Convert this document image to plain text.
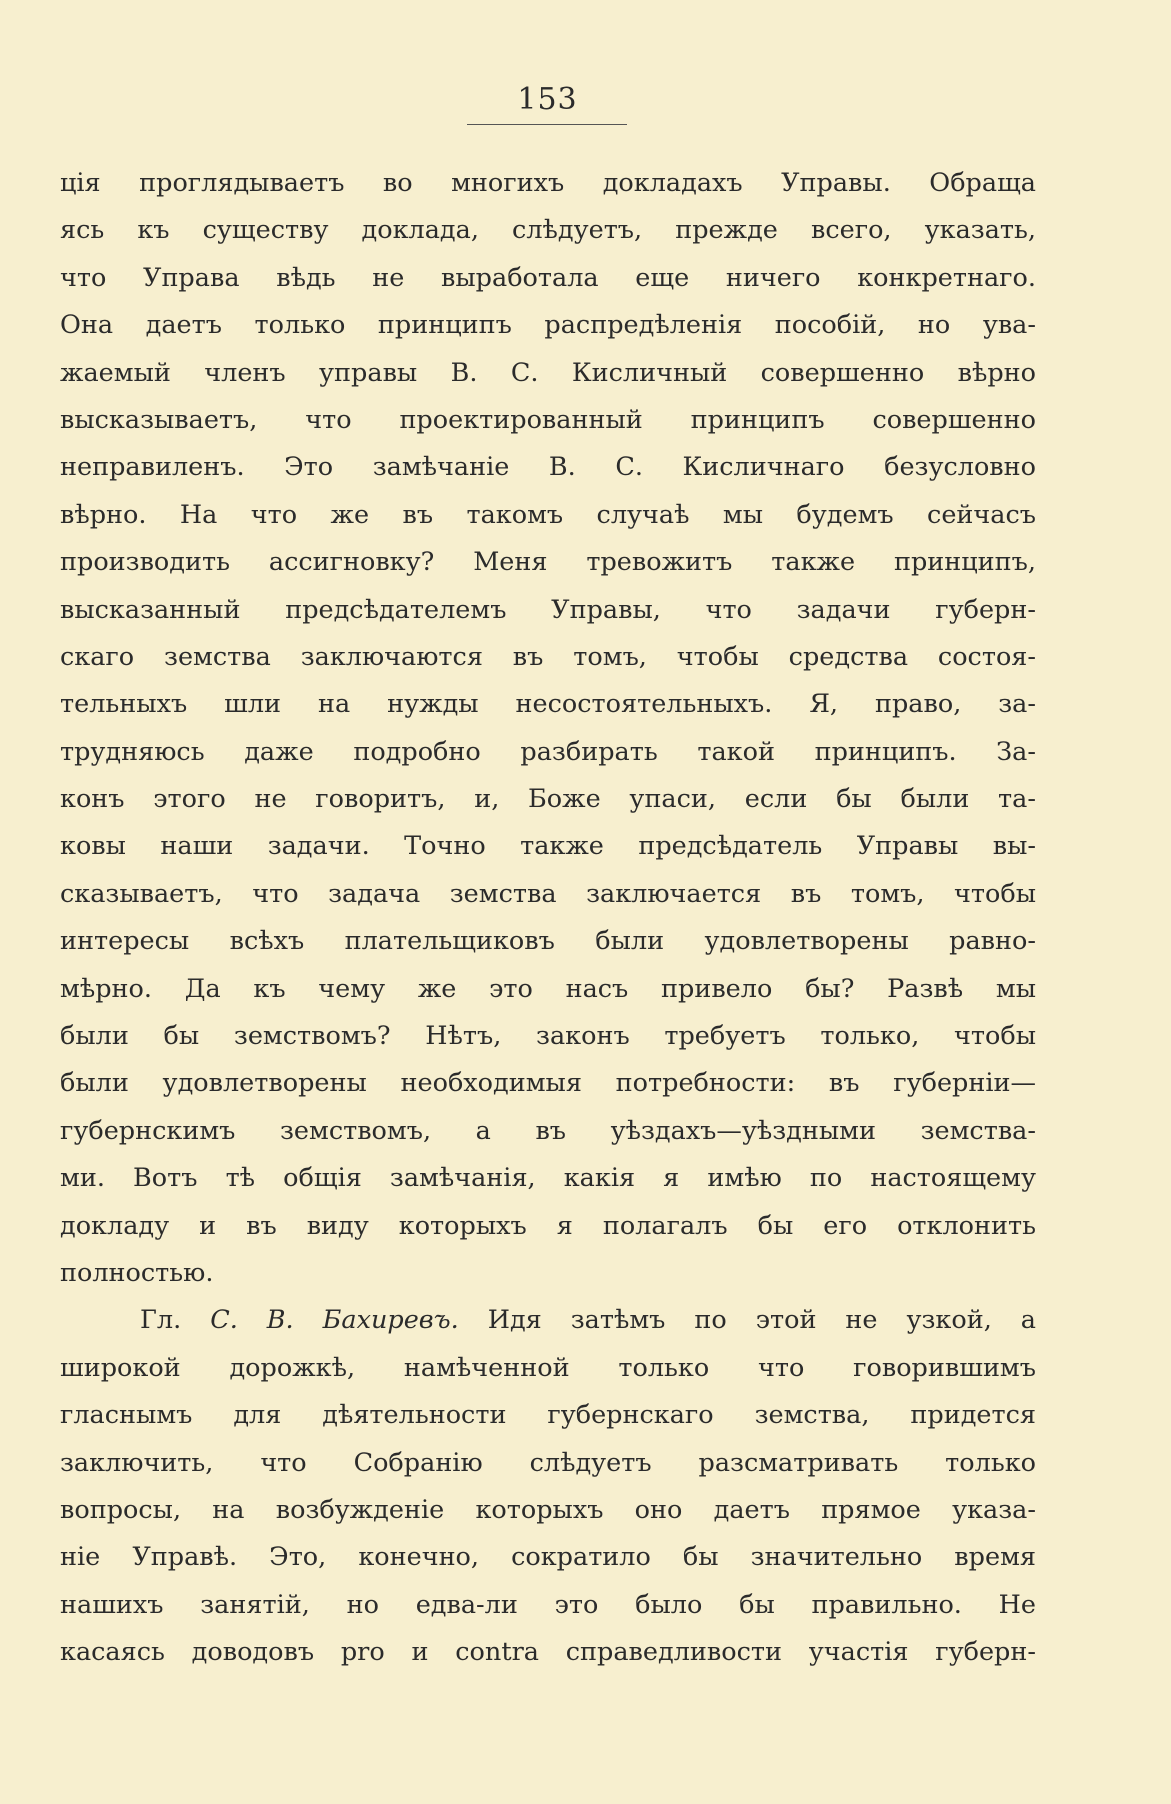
153
ція проглядываетъ во многихъ докладахъ Управы. Обраща
ясь къ существу доклада, слѣдуетъ, прежде всего, указать,
что Управа вѣдь не выработала еще ничего конкретнаго.
Она даетъ только принципъ распредѣленія пособій, но ува-
жаемый членъ управы В. С. Кисличный совершенно вѣрно
высказываетъ, что проектированный принципъ совершенно
неправиленъ. Это замѣчаніе В. С. Кисличнаго безусловно
вѣрно. На что же въ такомъ случаѣ мы будемъ сейчасъ
производить ассигновку? Меня тревожитъ также принципъ,
высказанный предсѣдателемъ Управы, что задачи губерн-
скаго земства заключаются въ томъ, чтобы средства состоя-
тельныхъ шли на нужды несостоятельныхъ. Я, право, за-
трудняюсь даже подробно разбирать такой принципъ. За-
конъ этого не говоритъ, и, Боже упаси, если бы были та-
ковы наши задачи. Точно также предсѣдатель Управы вы-
сказываетъ, что задача земства заключается въ томъ, чтобы
интересы всѣхъ плательщиковъ были удовлетворены равно-
мѣрно. Да къ чему же это насъ привело бы? Развѣ мы
были бы земствомъ? Нѣтъ, законъ требуетъ только, чтобы
были удовлетворены необходимыя потребности: въ губерніи—
губернскимъ земствомъ, а въ уѣздахъ—уѣздными земства-
ми. Вотъ тѣ общія замѣчанія, какія я имѣю по настоящему
докладу и въ виду которыхъ я полагалъ бы его отклонить
полностью.
Гл. С. В. Бахиревъ. Идя затѣмъ по этой не узкой, а
широкой дорожкѣ, намѣченной только что говорившимъ
гласнымъ для дѣятельности губернскаго земства, придется
заключить, что Собранію слѣдуетъ разсматривать только
вопросы, на возбужденіе которыхъ оно даетъ прямое указа-
ніе Управѣ. Это, конечно, сократило бы значительно время
нашихъ занятій, но едва-ли это было бы правильно. Не
касаясь доводовъ pro и contra справедливости участія губерн-
